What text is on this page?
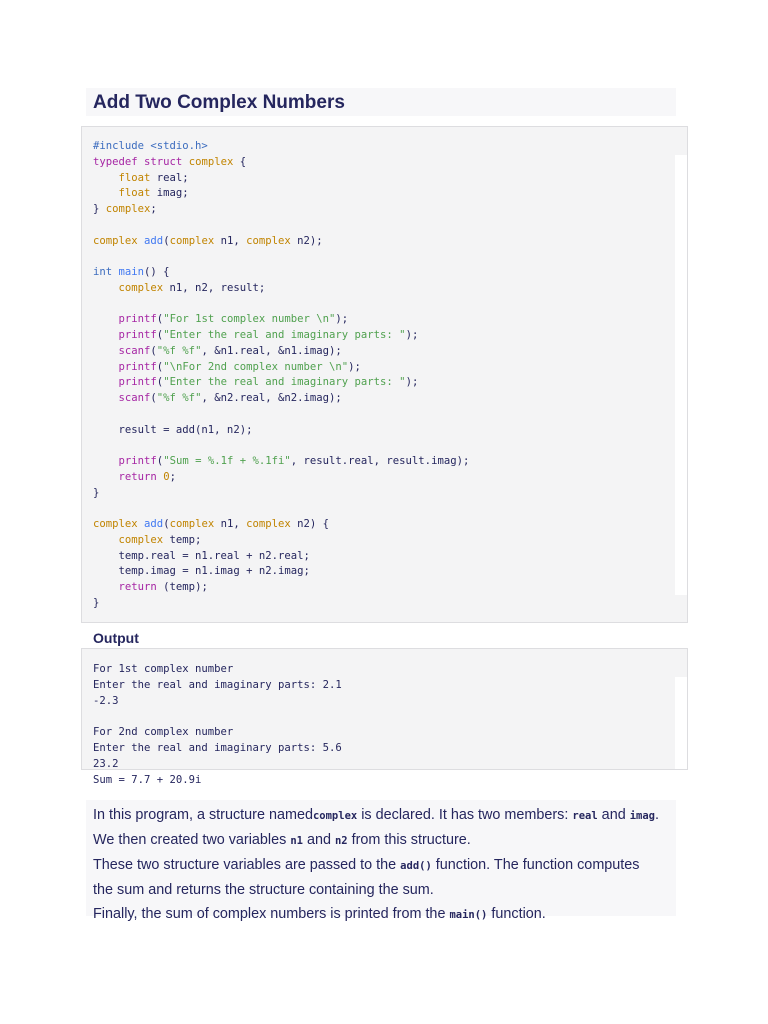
Add Two Complex Numbers
#include <stdio.h>
typedef struct complex {
float real;
float imag;
} complex;

complex add(complex n1, complex n2);

int main() {
complex n1, n2, result;

printf("For 1st complex number \n");
printf("Enter the real and imaginary parts: ");
scanf("%f %f", &n1.real, &n1.imag);
printf("\nFor 2nd complex number \n");
printf("Enter the real and imaginary parts: ");
scanf("%f %f", &n2.real, &n2.imag);

result = add(n1, n2);

printf("Sum = %.1f + %.1fi", result.real, result.imag);
return 0;
}

complex add(complex n1, complex n2) {
complex temp;
temp.real = n1.real + n2.real;
temp.imag = n1.imag + n2.imag;
return (temp);
}
Output
For 1st complex number
Enter the real and imaginary parts: 2.1
-2.3

For 2nd complex number
Enter the real and imaginary parts: 5.6
23.2
Sum = 7.7 + 20.9i

In this program, a structure namedcomplex is declared. It has two members: real and imag.

We then created two variables n1 and n2 from this structure.

These two structure variables are passed to the add() function. The function computes

the sum and returns the structure containing the sum.

Finally, the sum of complex numbers is printed from the main() function.
